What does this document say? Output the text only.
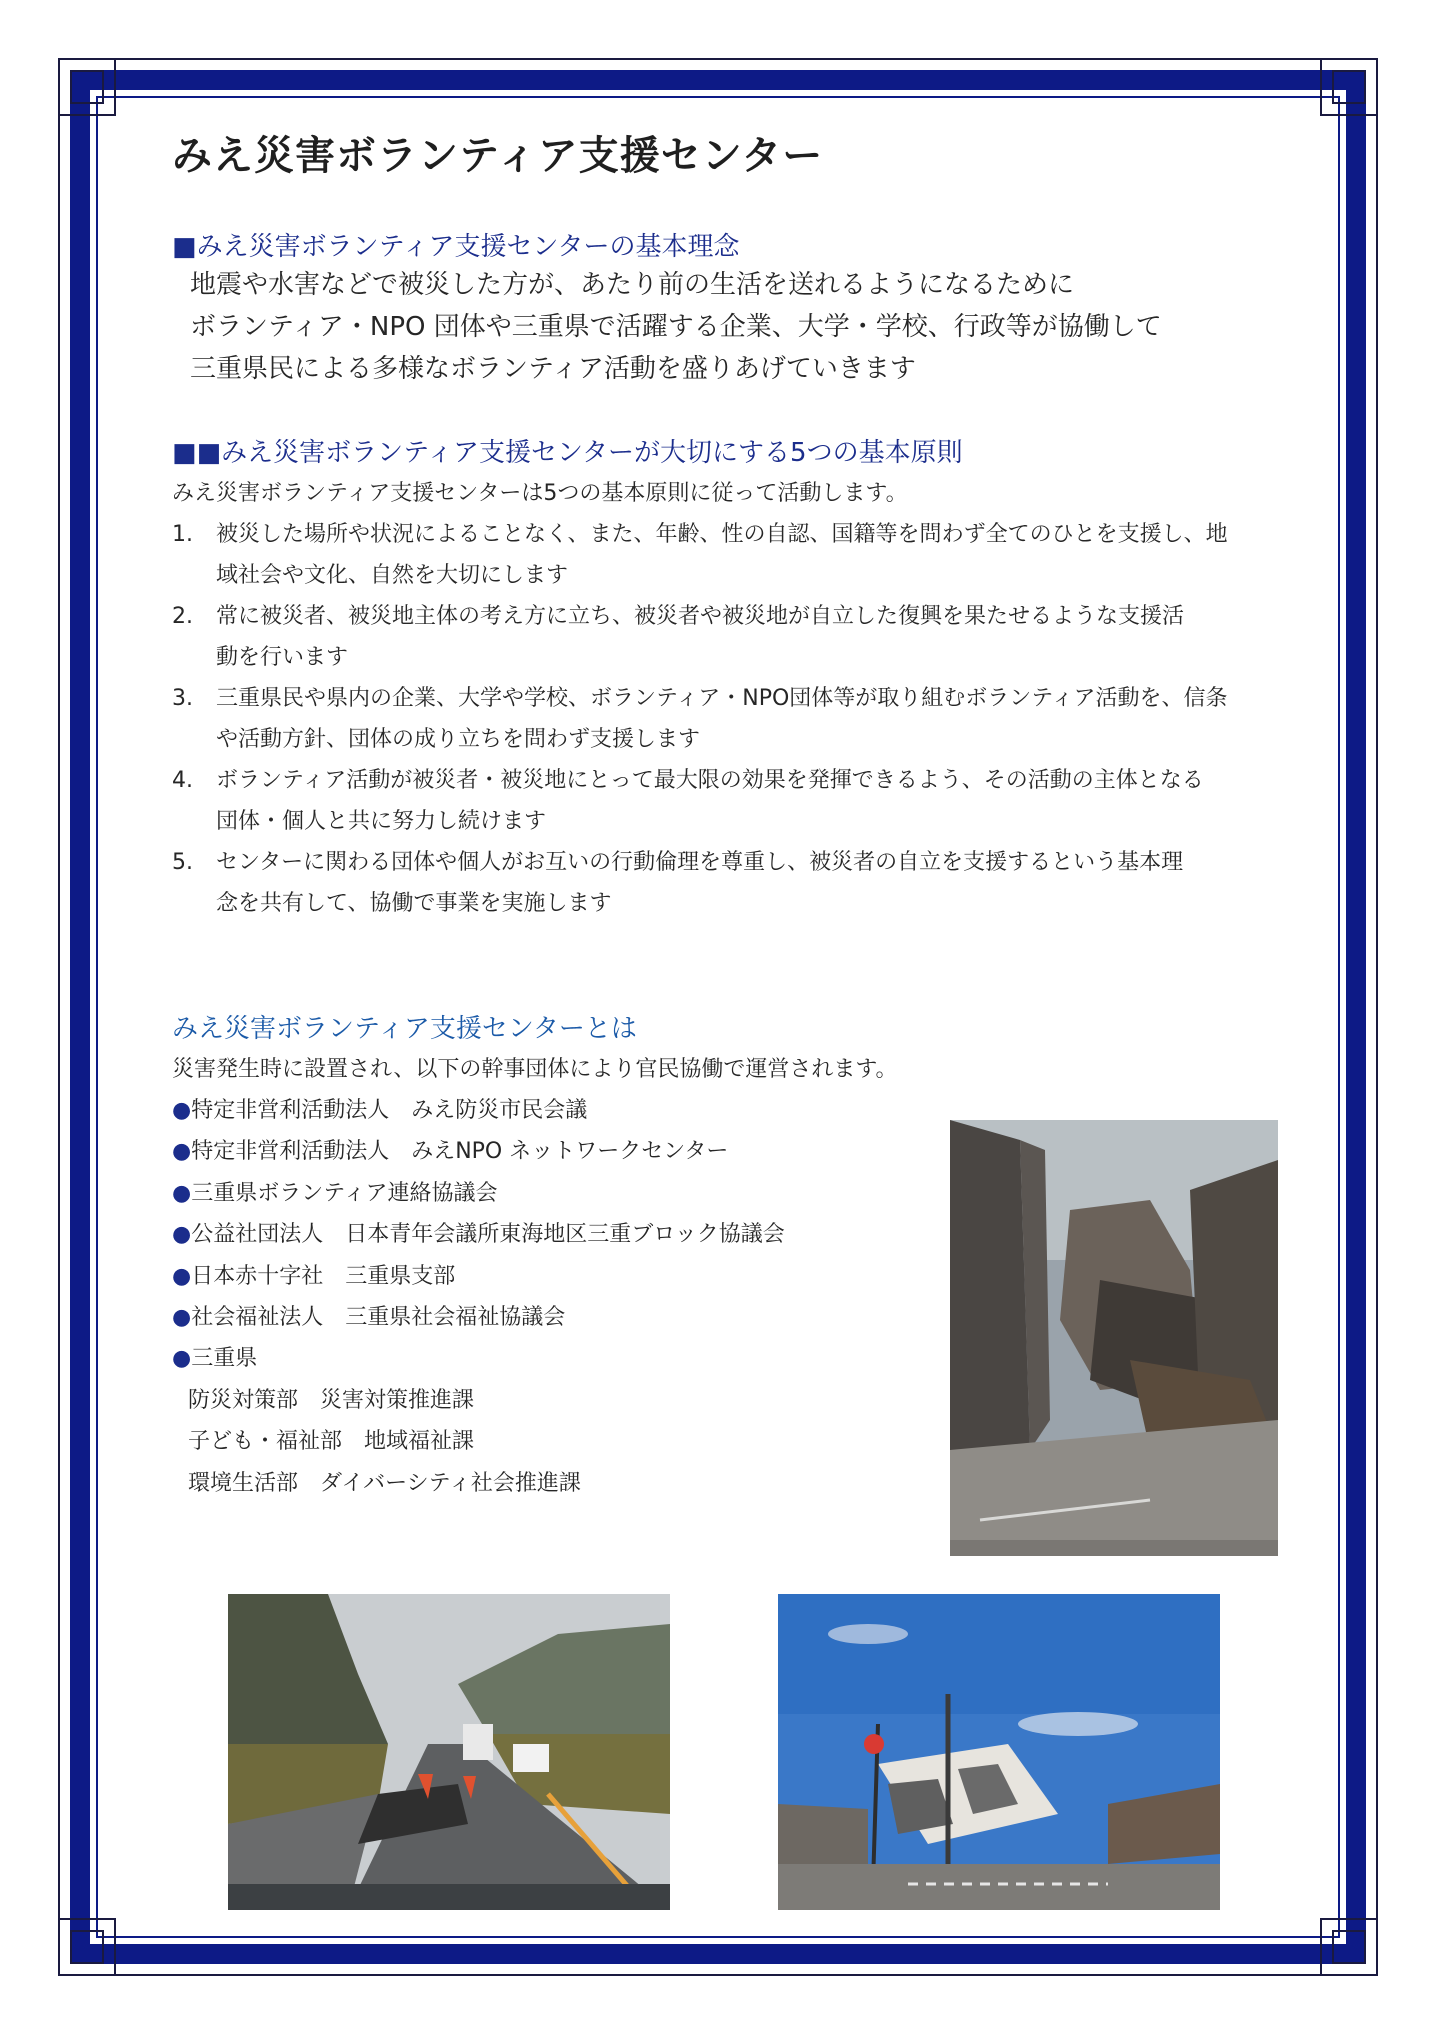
みえ災害ボランティア支援センター
■みえ災害ボランティア支援センターの基本理念
地震や水害などで被災した方が、あたり前の生活を送れるようになるために
ボランティア・NPO 団体や三重県で活躍する企業、大学・学校、行政等が協働して
三重県民による多様なボランティア活動を盛りあげていきます
■■みえ災害ボランティア支援センターが大切にする5つの基本原則
みえ災害ボランティア支援センターは5つの基本原則に従って活動します。
1. 被災した場所や状況によることなく、また、年齢、性の自認、国籍等を問わず全てのひとを支援し、地
域社会や文化、自然を大切にします
2. 常に被災者、被災地主体の考え方に立ち、被災者や被災地が自立した復興を果たせるような支援活
動を行います
3. 三重県民や県内の企業、大学や学校、ボランティア・NPO団体等が取り組むボランティア活動を、信条
や活動方針、団体の成り立ちを問わず支援します
4. ボランティア活動が被災者・被災地にとって最大限の効果を発揮できるよう、その活動の主体となる
団体・個人と共に努力し続けます
5. センターに関わる団体や個人がお互いの行動倫理を尊重し、被災者の自立を支援するという基本理
念を共有して、協働で事業を実施します
みえ災害ボランティア支援センターとは
災害発生時に設置され、以下の幹事団体により官民協働で運営されます。
●特定非営利活動法人　みえ防災市民会議
●特定非営利活動法人　みえNPO ネットワークセンター
●三重県ボランティア連絡協議会
●公益社団法人　日本青年会議所東海地区三重ブロック協議会
●日本赤十字社　三重県支部
●社会福祉法人　三重県社会福祉協議会
●三重県
防災対策部　災害対策推進課
子ども・福祉部　地域福祉課
環境生活部　ダイバーシティ社会推進課
